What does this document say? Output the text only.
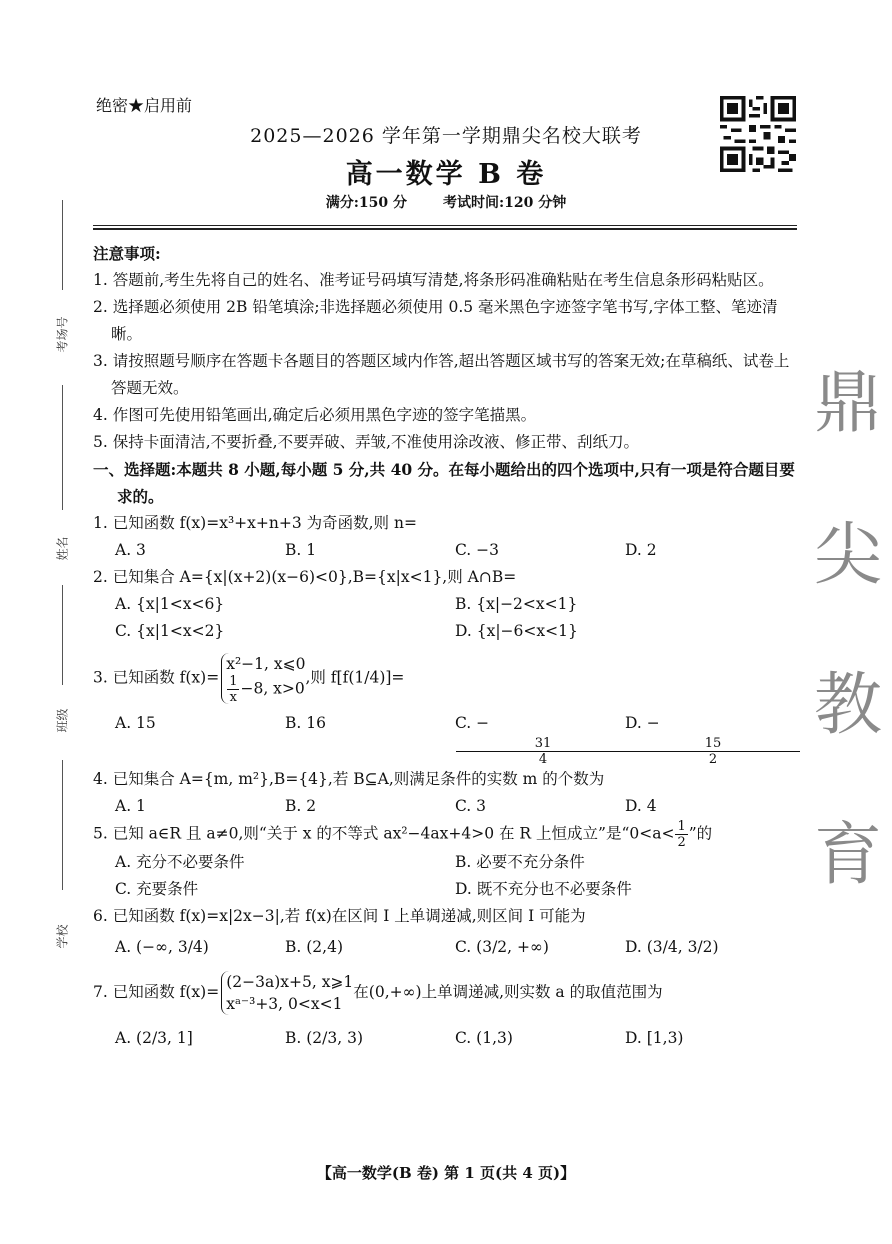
考场号
姓名
班级
学校
鼎
尖
教
育
绝密★启用前
2025—2026 学年第一学期鼎尖名校大联考
高一数学 B 卷
满分:150 分	考试时间:120 分钟

注意事项:

1. 答题前,考生先将自己的姓名、准考证号码填写清楚,将条形码准确粘贴在考生信息条形码粘贴区。

2. 选择题必须使用 2B 铅笔填涂;非选择题必须使用 0.5 毫米黑色字迹签字笔书写,字体工整、笔迹清晰。

3. 请按照题号顺序在答题卡各题目的答题区域内作答,超出答题区域书写的答案无效;在草稿纸、试卷上答题无效。

4. 作图可先使用铅笔画出,确定后必须用黑色字迹的签字笔描黑。

5. 保持卡面清洁,不要折叠,不要弄破、弄皱,不准使用涂改液、修正带、刮纸刀。

一、选择题:本题共 8 小题,每小题 5 分,共 40 分。在每小题给出的四个选项中,只有一项是符合题目要求的。

1. 已知函数 f(x)=x³+x+n+3 为奇函数,则 n=

A. 3	B. 1	C. −3	D. 2

2. 已知集合 A={x|(x+2)(x−6)<0},B={x|x<1},则 A∩B=

A. {x|1<x<6}	B. {x|−2<x<1}
C. {x|1<x<2}	D. {x|−6<x<1}

3. 已知函数 f(x)=
x²−1, x⩽0
$\frac{1}{x} -8$, x>0
,则 f[f(1/4)]=

A. 15	B. 16	C. −
$\frac{31}{4}$
D. −
$\frac{15}{2}$

4. 已知集合 A={m, m²},B={4},若 B⊆A,则满足条件的实数 m 的个数为

A. 1	B. 2	C. 3	D. 4

5. 已知 a∈R 且 a≠0,则“关于 x 的不等式 ax²−4ax+4>0 在 R 上恒成立”是“$0<a< \frac{1}{2}$ ”的

A. 充分不必要条件	B. 必要不充分条件
C. 充要条件	D. 既不充分也不必要条件

6. 已知函数 f(x)=x|2x−3|,若 f(x)在区间 I 上单调递减,则区间 I 可能为

A. (−∞, 3/4)	B. (2,4)	C. (3/2, +∞)	D. (3/4, 3/2)

7. 已知函数 f(x)=
(2−3a)x+5, x⩾1
xᵃ⁻³+3, 0<x<1
在(0,+∞)上单调递减,则实数 a 的取值范围为

A. (2/3, 1]	B. (2/3, 3)	C. (1,3)	D. [1,3)
【高一数学(B 卷) 第 1 页(共 4 页)】
